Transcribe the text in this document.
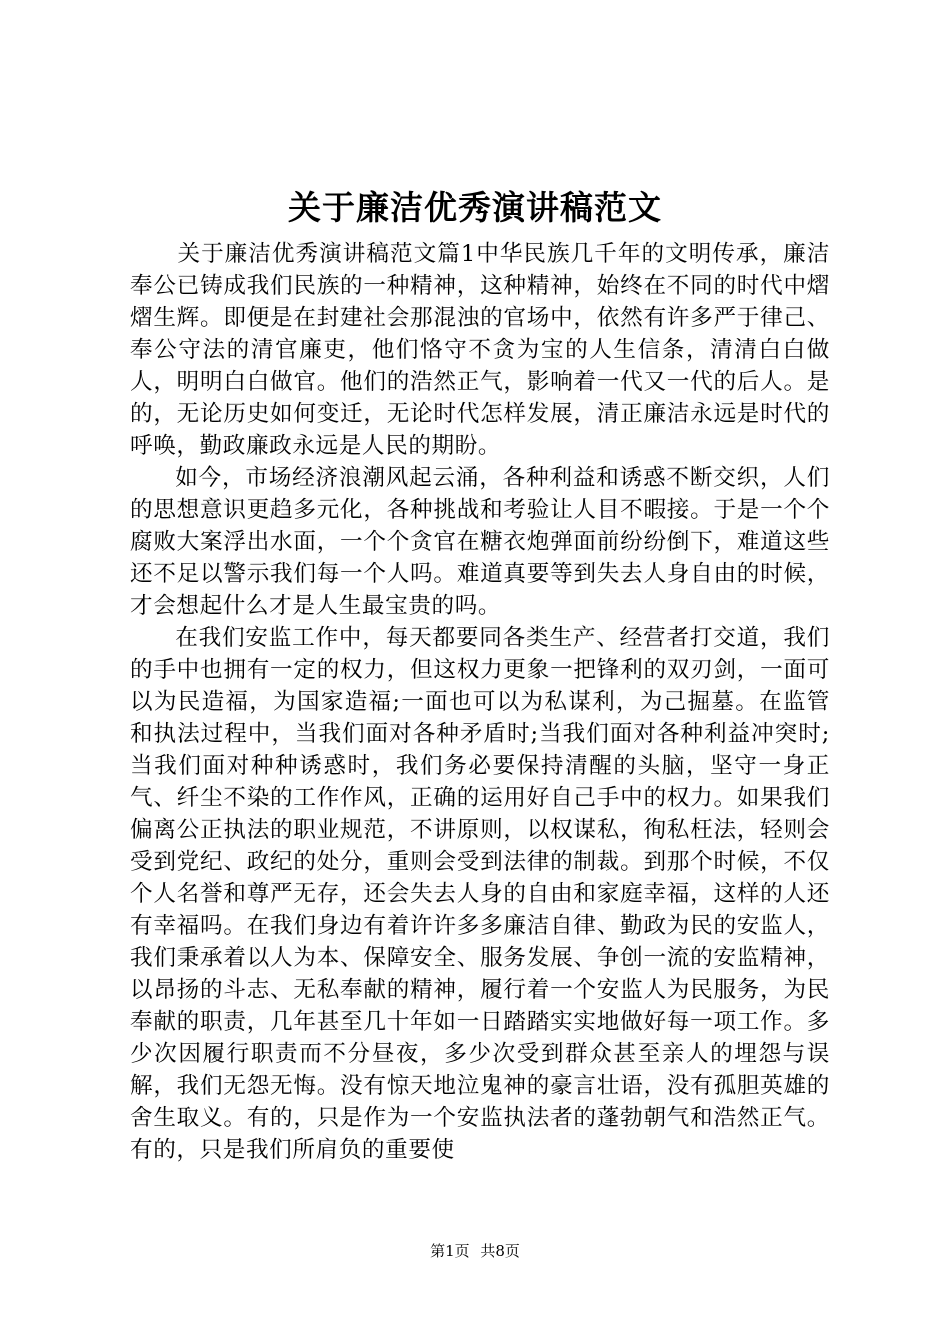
关于廉洁优秀演讲稿范文

关于廉洁优秀演讲稿范文篇1中华民族几千年的文明传承，廉洁奉公已铸成我们民族的一种精神，这种精神，始终在不同的时代中熠熠生辉。即便是在封建社会那混浊的官场中，依然有许多严于律己、奉公守法的清官廉吏，他们恪守不贪为宝的人生信条，清清白白做人，明明白白做官。他们的浩然正气，影响着一代又一代的后人。是的，无论历史如何变迁，无论时代怎样发展，清正廉洁永远是时代的呼唤，勤政廉政永远是人民的期盼。

如今，市场经济浪潮风起云涌，各种利益和诱惑不断交织，人们的思想意识更趋多元化，各种挑战和考验让人目不暇接。于是一个个腐败大案浮出水面，一个个贪官在糖衣炮弹面前纷纷倒下，难道这些还不足以警示我们每一个人吗。难道真要等到失去人身自由的时候，才会想起什么才是人生最宝贵的吗。

在我们安监工作中，每天都要同各类生产、经营者打交道，我们的手中也拥有一定的权力，但这权力更象一把锋利的双刃剑，一面可以为民造福，为国家造福;一面也可以为私谋利，为己掘墓。在监管和执法过程中，当我们面对各种矛盾时;当我们面对各种利益冲突时;当我们面对种种诱惑时，我们务必要保持清醒的头脑，坚守一身正气、纤尘不染的工作作风，正确的运用好自己手中的权力。如果我们偏离公正执法的职业规范，不讲原则，以权谋私，徇私枉法，轻则会受到党纪、政纪的处分，重则会受到法律的制裁。到那个时候，不仅个人名誉和尊严无存，还会失去人身的自由和家庭幸福，这样的人还有幸福吗。在我们身边有着许许多多廉洁自律、勤政为民的安监人，我们秉承着以人为本、保障安全、服务发展、争创一流的安监精神，以昂扬的斗志、无私奉献的精神，履行着一个安监人为民服务，为民奉献的职责，几年甚至几十年如一日踏踏实实地做好每一项工作。多少次因履行职责而不分昼夜，多少次受到群众甚至亲人的埋怨与误解，我们无怨无悔。没有惊天地泣鬼神的豪言壮语，没有孤胆英雄的舍生取义。有的，只是作为一个安监执法者的蓬勃朝气和浩然正气。有的，只是我们所肩负的重要使

第1页 共8页
